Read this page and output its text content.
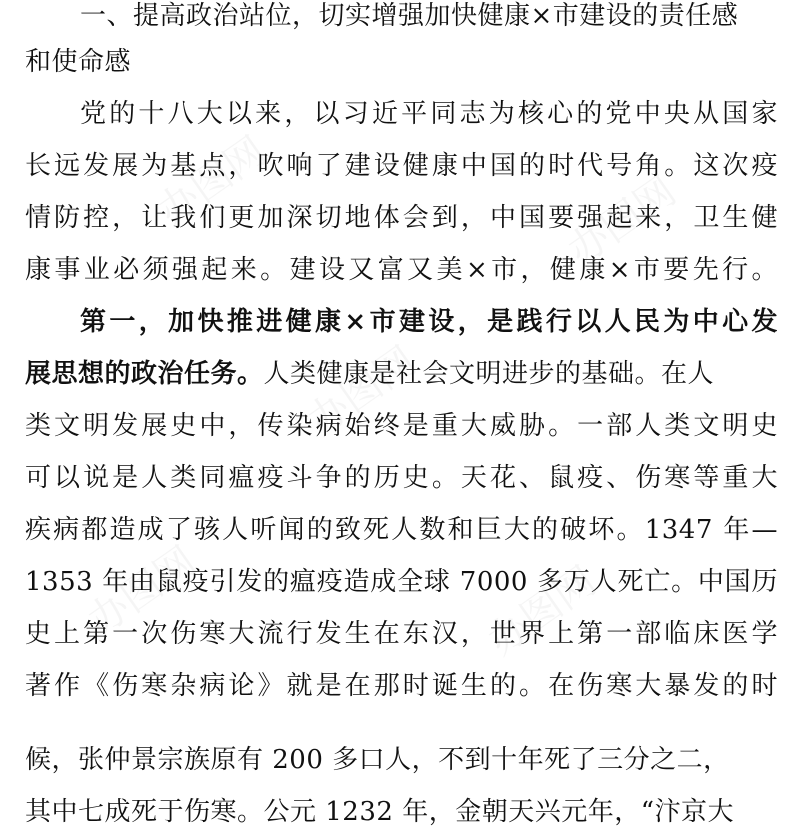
办图网	办图网
办图网
办图网	办图网
一、提高政治站位，切实增强加快健康×市建设的责任感
和使命感
党的十八大以来，以习近平同志为核心的党中央从国家
长远发展为基点，吹响了建设健康中国的时代号角。这次疫
情防控，让我们更加深切地体会到，中国要强起来，卫生健
康事业必须强起来。建设又富又美×市，健康×市要先行。
第一，加快推进健康×市建设，是践行以人民为中心发
展思想的政治任务。人类健康是社会文明进步的基础。在人
类文明发展史中，传染病始终是重大威胁。一部人类文明史
可以说是人类同瘟疫斗争的历史。天花、鼠疫、伤寒等重大
疾病都造成了骇人听闻的致死人数和巨大的破坏。1347 年—
1353 年由鼠疫引发的瘟疫造成全球 7000 多万人死亡。中国历
史上第一次伤寒大流行发生在东汉，世界上第一部临床医学
著作《伤寒杂病论》就是在那时诞生的。在伤寒大暴发的时
候，张仲景宗族原有 200 多口人，不到十年死了三分之二，
其中七成死于伤寒。公元 1232 年，金朝天兴元年，“汴京大
